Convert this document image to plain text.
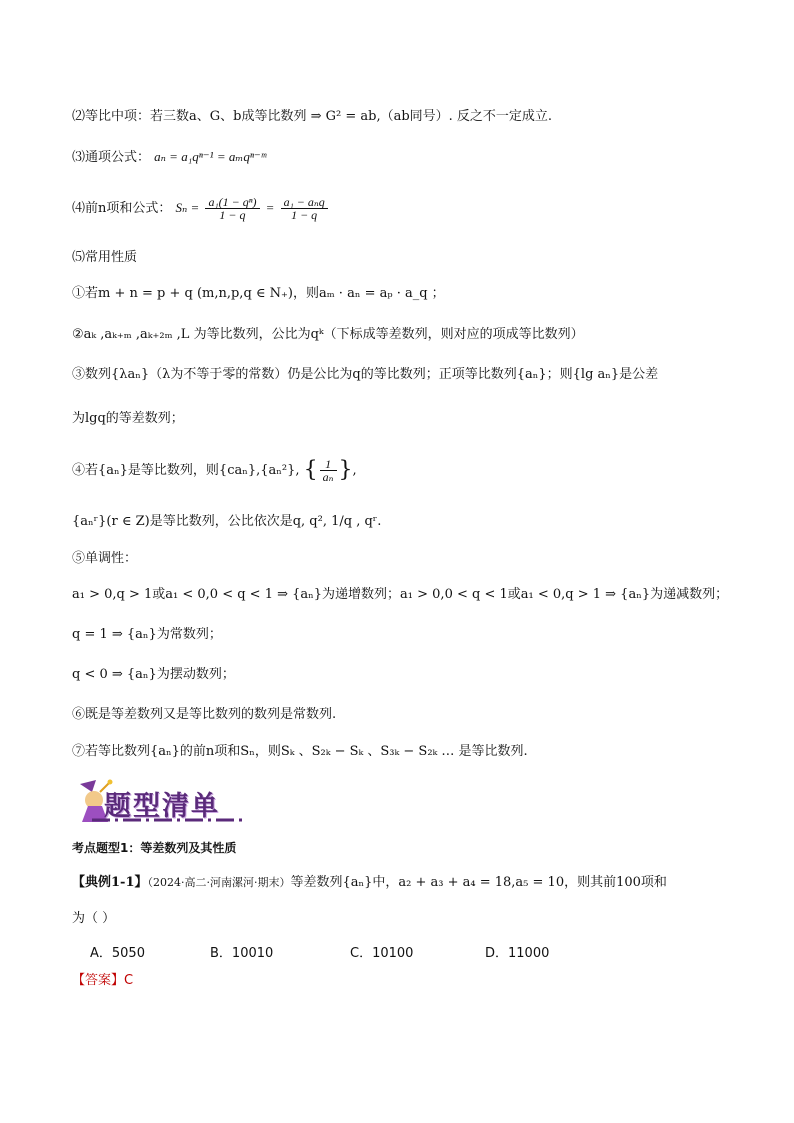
⑵等比中项：若三数a、G、b成等比数列 ⇒ G² = ab,（ab同号）. 反之不一定成立.
⑶通项公式： aₙ = a₁qⁿ⁻¹ = aₘqⁿ⁻ᵐ
⑷前n项和公式： $S_n = \frac{\text{a₁(1 − qⁿ)}}{1 - q} = \frac{\text{a₁ − aₙq}}{1 - q}$
⑸常用性质
①若m + n = p + q (m,n,p,q ∈ N₊)，则aₘ · aₙ = aₚ · a_q ；
②aₖ ,aₖ₊ₘ ,aₖ₊₂ₘ ,L 为等比数列，公比为qᵏ（下标成等差数列，则对应的项成等比数列）
③数列{λaₙ}（λ为不等于零的常数）仍是公比为q的等比数列；正项等比数列{aₙ}；则{lg aₙ}是公差
为lgq的等差数列；
④若{aₙ}是等比数列，则{caₙ},{aₙ²}, { $\frac{1}{\text{aₙ}}$ },
{aₙʳ}(r ∈ Z)是等比数列，公比依次是q, q², 1/q , qʳ.
⑤单调性：
a₁ > 0,q > 1或a₁ < 0,0 < q < 1 ⇒ {aₙ}为递增数列；a₁ > 0,0 < q < 1或a₁ < 0,q > 1 ⇒ {aₙ}为递减数列；
q = 1 ⇒ {aₙ}为常数列；
q < 0 ⇒ {aₙ}为摆动数列；
⑥既是等差数列又是等比数列的数列是常数列.
⑦若等比数列{aₙ}的前n项和Sₙ，则Sₖ 、S₂ₖ − Sₖ 、S₃ₖ − S₂ₖ … 是等比数列.
题型清单
考点题型1：等差数列及其性质
【典例1-1】（2024·高二·河南漯河·期末）等差数列{aₙ}中，a₂ + a₃ + a₄ = 18,a₅ = 10，则其前100项和
为（ ）
A．5050	B．10010	C．10100	D．11000
【答案】C
